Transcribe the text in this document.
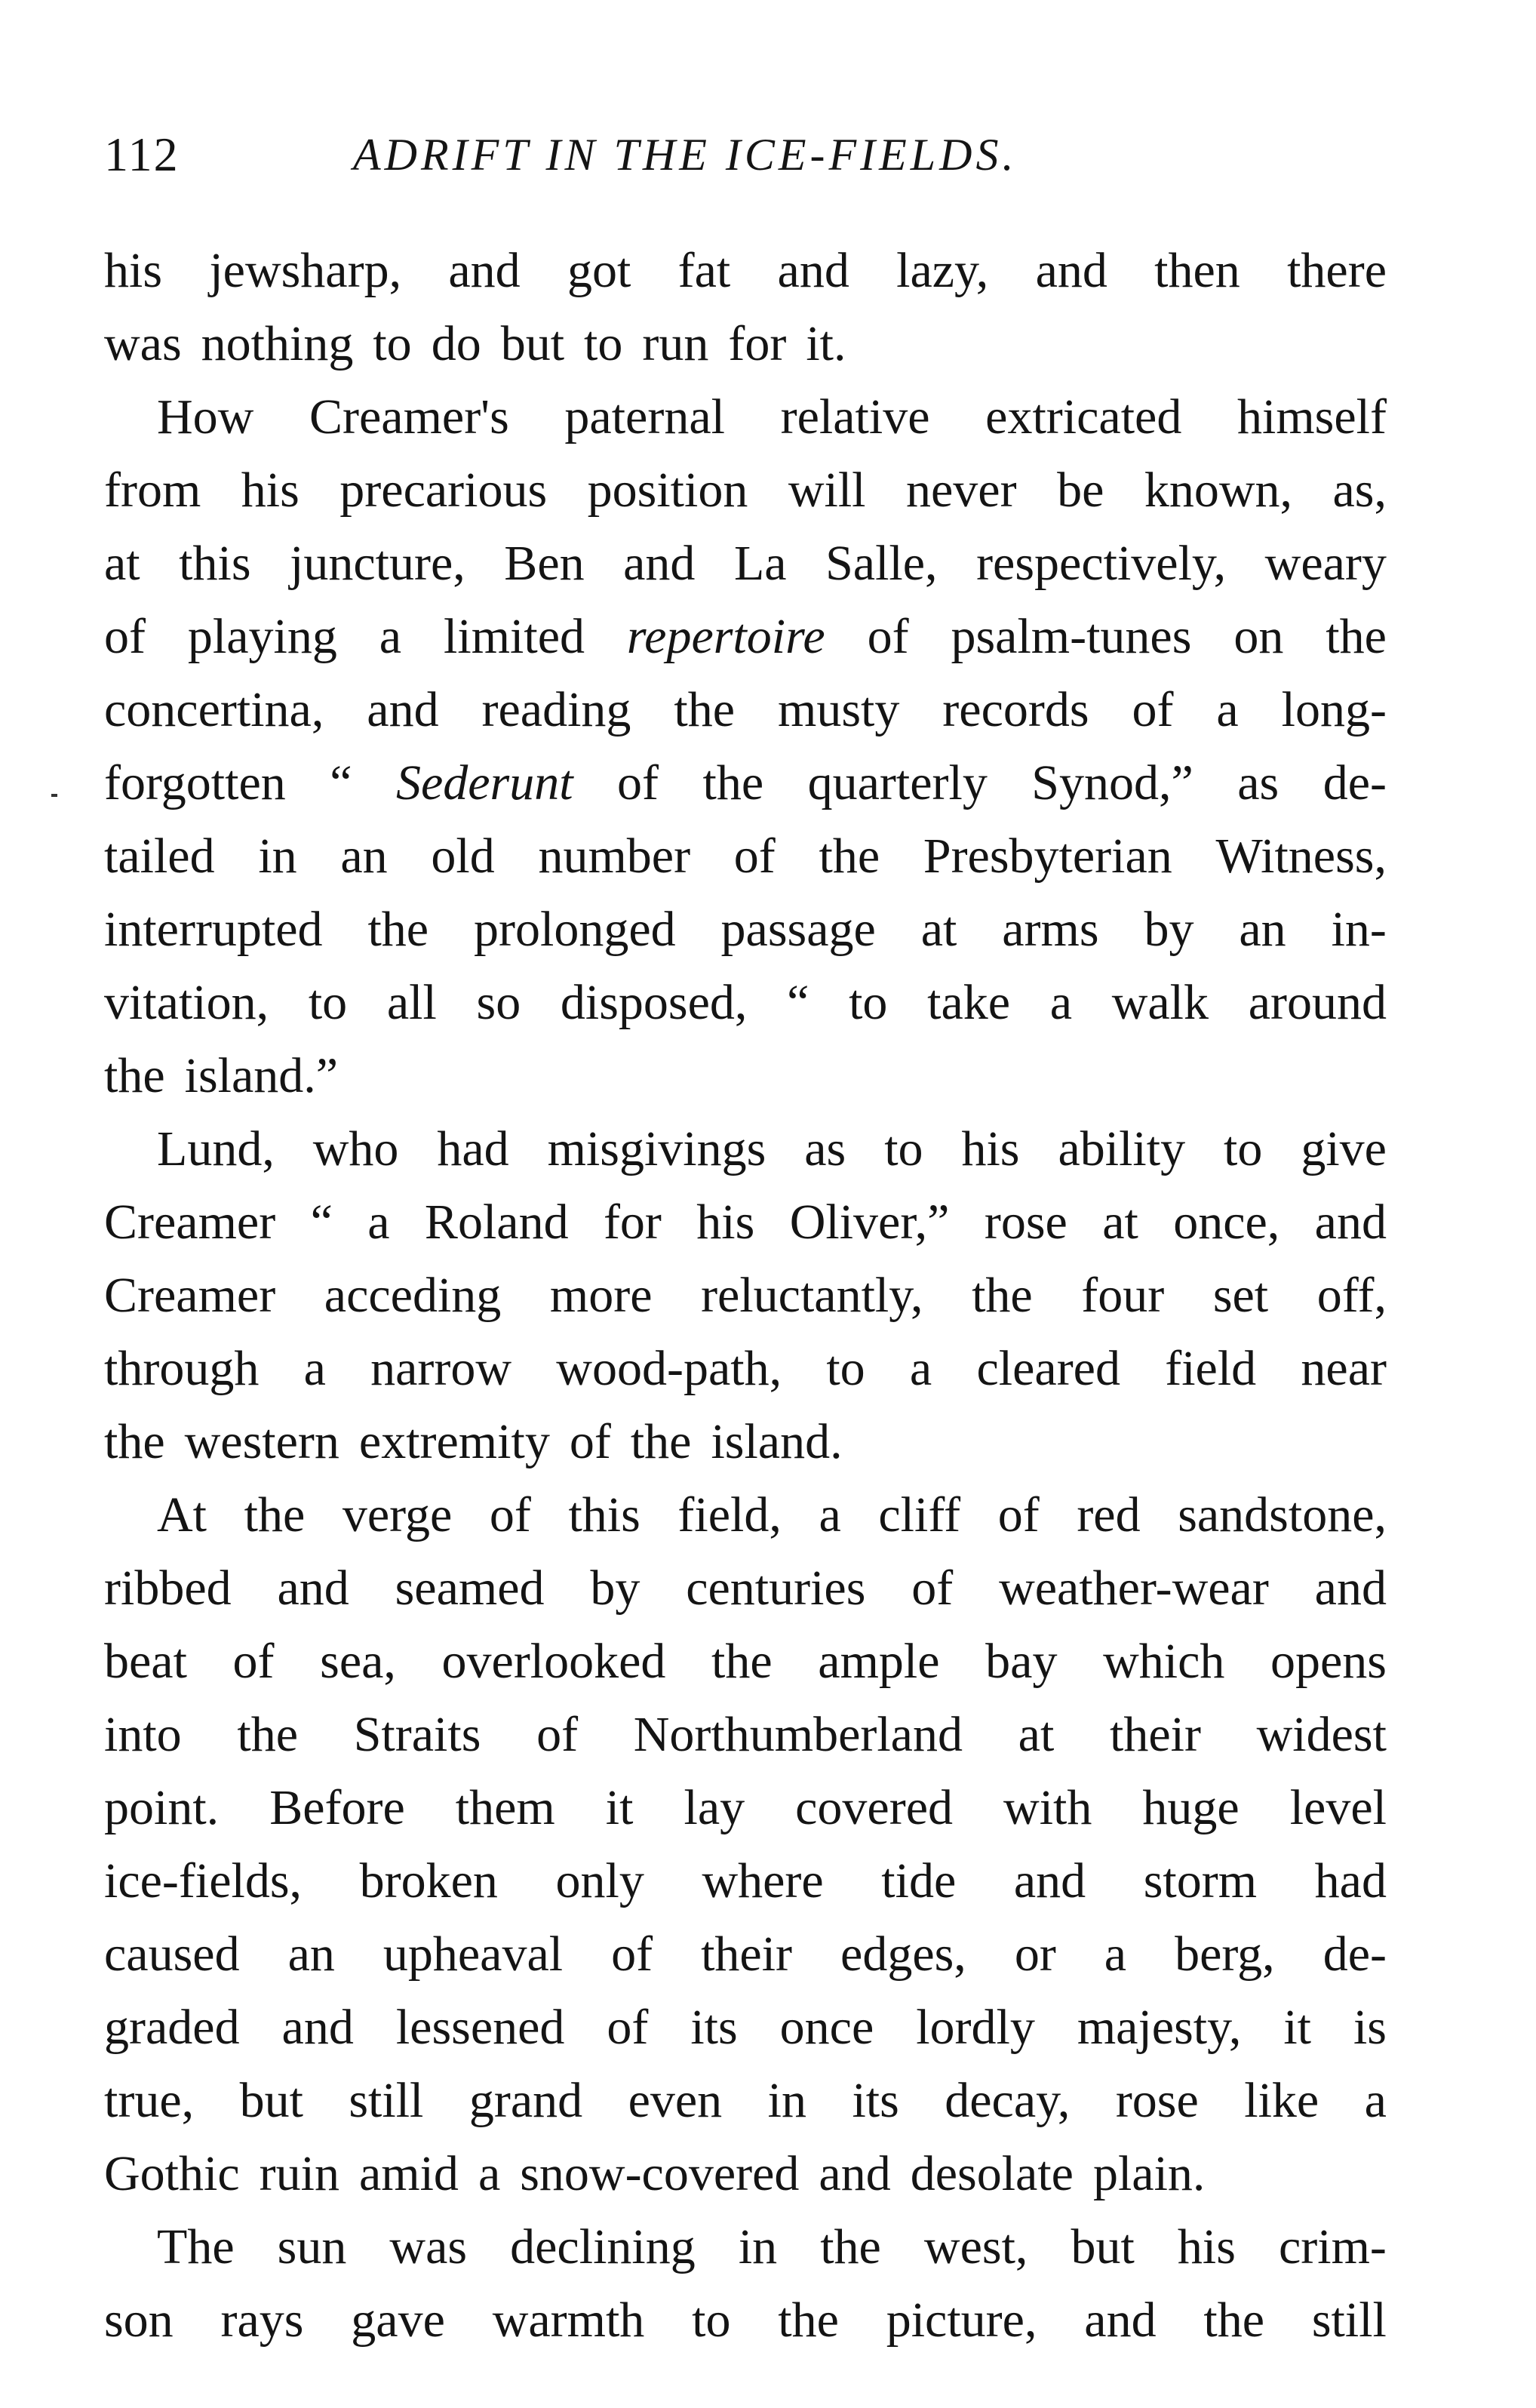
112	ADRIFT IN THE ICE-FIELDS.
his jewsharp, and got fat and lazy, and then there
was nothing to do but to run for it.
How Creamer's paternal relative extricated himself
from his precarious position will never be known, as,
at this juncture, Ben and La Salle, respectively, weary
of playing a limited repertoire of psalm-tunes on the
concertina, and reading the musty records of a long-
forgotten “ Sederunt of the quarterly Synod,” as de-
tailed in an old number of the Presbyterian Witness,
interrupted the prolonged passage at arms by an in-
vitation, to all so disposed, “ to take a walk around
the island.”
Lund, who had misgivings as to his ability to give
Creamer “ a Roland for his Oliver,” rose at once, and
Creamer acceding more reluctantly, the four set off,
through a narrow wood-path, to a cleared field near
the western extremity of the island.
At the verge of this field, a cliff of red sandstone,
ribbed and seamed by centuries of weather-wear and
beat of sea, overlooked the ample bay which opens
into the Straits of Northumberland at their widest
point. Before them it lay covered with huge level
ice-fields, broken only where tide and storm had
caused an upheaval of their edges, or a berg, de-
graded and lessened of its once lordly majesty, it is
true, but still grand even in its decay, rose like a
Gothic ruin amid a snow-covered and desolate plain.
The sun was declining in the west, but his crim-
son rays gave warmth to the picture, and the still
